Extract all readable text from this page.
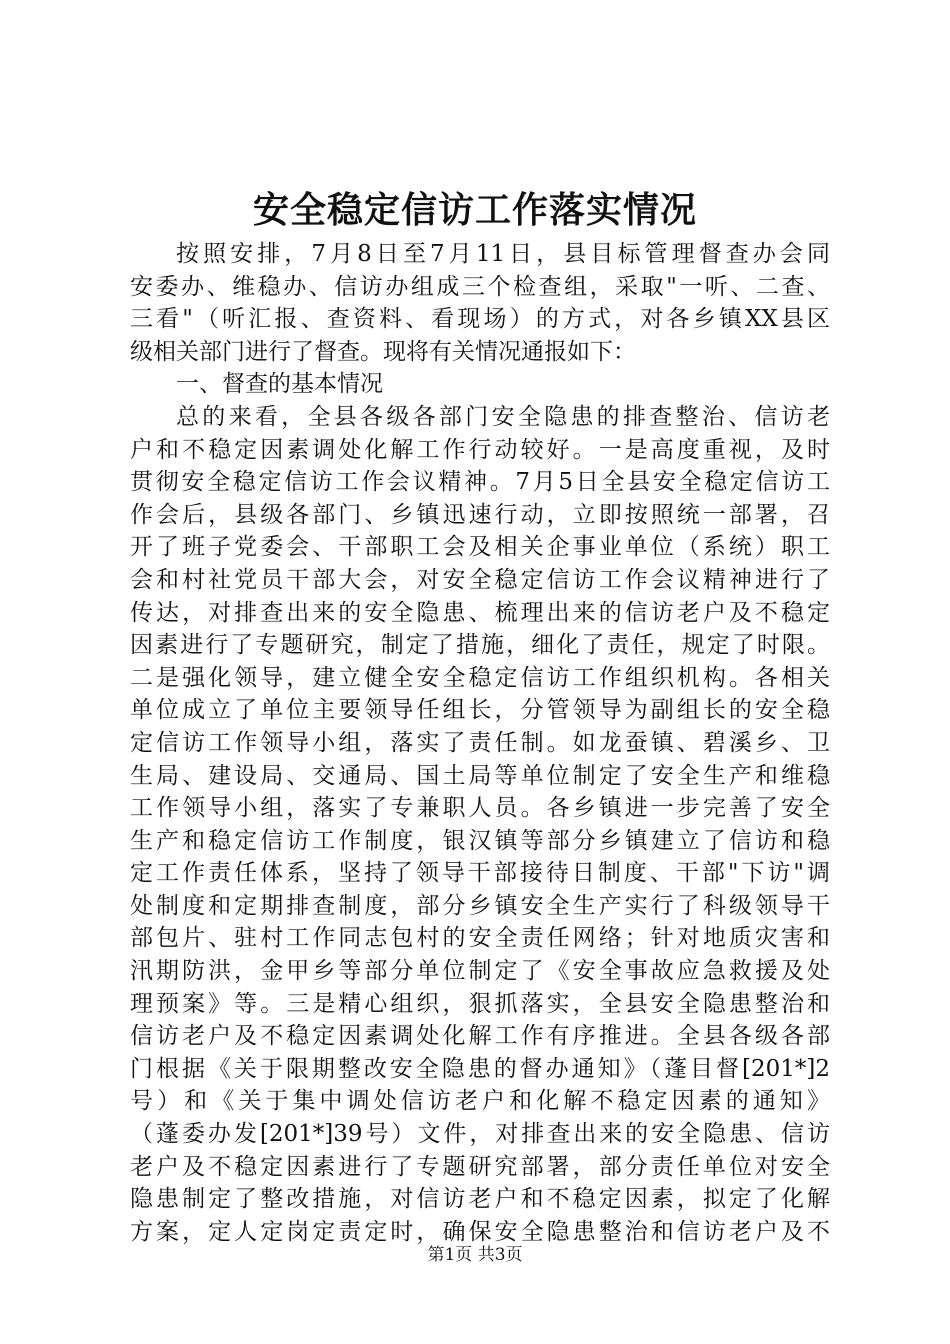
安全稳定信访工作落实情况
按照安排，7月8日至7月11日，县目标管理督查办会同
安委办、维稳办、信访办组成三个检查组，采取"一听、二查、
三看"（听汇报、查资料、看现场）的方式，对各乡镇XX县区
级相关部门进行了督查。现将有关情况通报如下：
一、督查的基本情况
总的来看，全县各级各部门安全隐患的排查整治、信访老
户和不稳定因素调处化解工作行动较好。一是高度重视，及时
贯彻安全稳定信访工作会议精神。7月5日全县安全稳定信访工
作会后，县级各部门、乡镇迅速行动，立即按照统一部署，召
开了班子党委会、干部职工会及相关企事业单位（系统）职工
会和村社党员干部大会，对安全稳定信访工作会议精神进行了
传达，对排查出来的安全隐患、梳理出来的信访老户及不稳定
因素进行了专题研究，制定了措施，细化了责任，规定了时限。
二是强化领导，建立健全安全稳定信访工作组织机构。各相关
单位成立了单位主要领导任组长，分管领导为副组长的安全稳
定信访工作领导小组，落实了责任制。如龙蚕镇、碧溪乡、卫
生局、建设局、交通局、国土局等单位制定了安全生产和维稳
工作领导小组，落实了专兼职人员。各乡镇进一步完善了安全
生产和稳定信访工作制度，银汉镇等部分乡镇建立了信访和稳
定工作责任体系，坚持了领导干部接待日制度、干部"下访"调
处制度和定期排查制度，部分乡镇安全生产实行了科级领导干
部包片、驻村工作同志包村的安全责任网络；针对地质灾害和
汛期防洪，金甲乡等部分单位制定了《安全事故应急救援及处
理预案》等。三是精心组织，狠抓落实，全县安全隐患整治和
信访老户及不稳定因素调处化解工作有序推进。全县各级各部
门根据《关于限期整改安全隐患的督办通知》（蓬目督[201*]2
号）和《关于集中调处信访老户和化解不稳定因素的通知》
（蓬委办发[201*]39号）文件，对排查出来的安全隐患、信访
老户及不稳定因素进行了专题研究部署，部分责任单位对安全
隐患制定了整改措施，对信访老户和不稳定因素，拟定了化解
方案，定人定岗定责定时，确保安全隐患整治和信访老户及不
第1页 共3页
